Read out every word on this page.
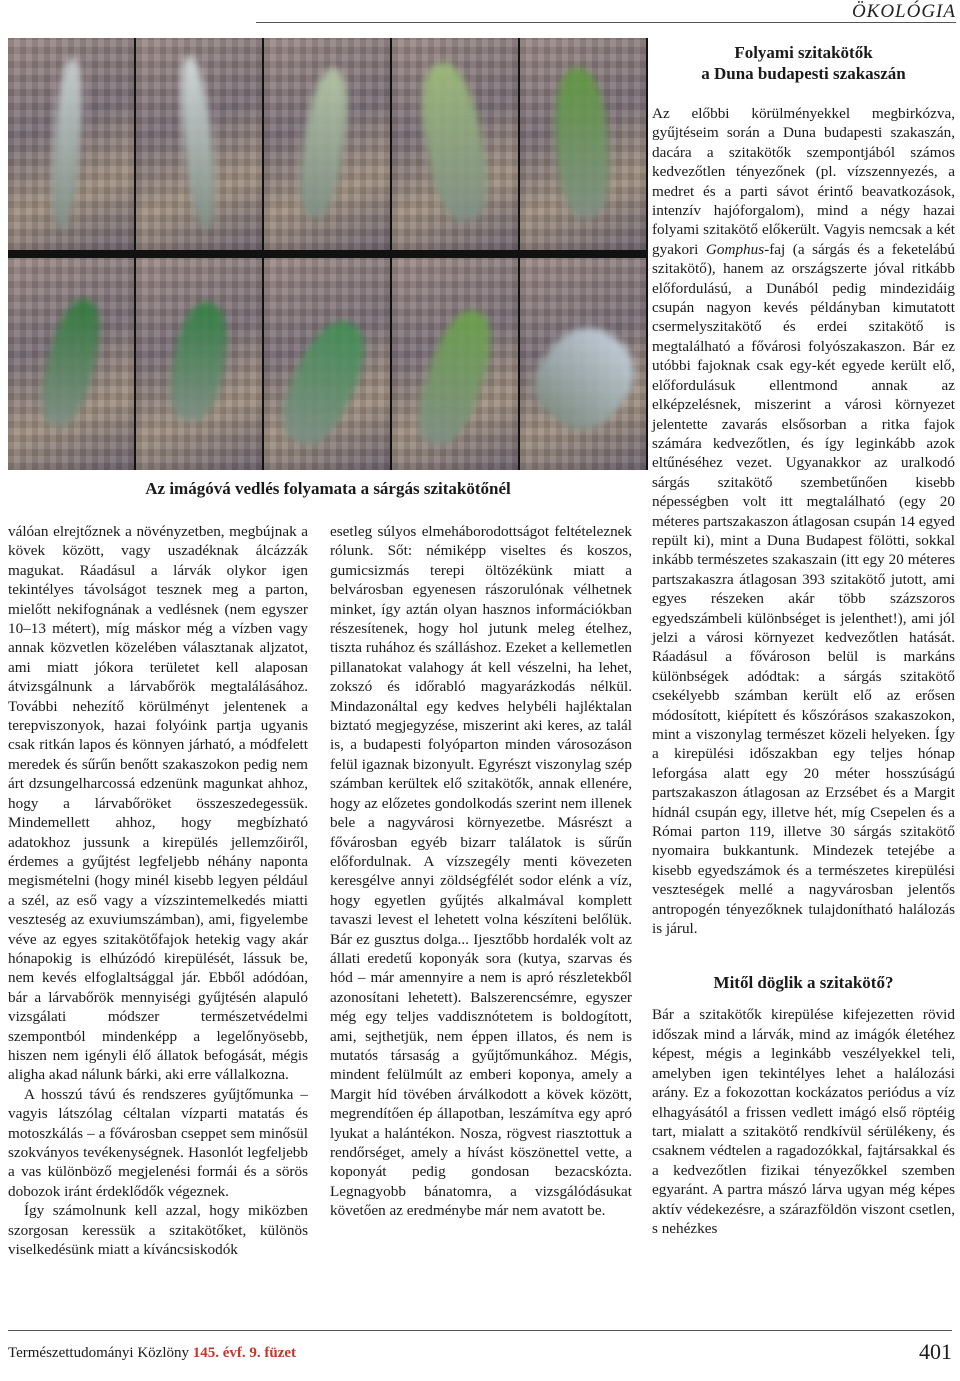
ÖKOLÓGIA
Az imágóvá vedlés folyamata a sárgás szitakötőnél
Folyami szitakötők
a Duna budapesti szakaszán

válóan elrejtőznek a növényzetben, megbújnak a kövek között, vagy uszadéknak álcázzák magukat. Ráadásul a lárvák olykor igen tekintélyes távolságot tesznek meg a parton, mielőtt nekifognának a vedlésnek (nem egyszer 10–13 métert), míg máskor még a vízben vagy annak közvetlen közelében választanak aljzatot, ami miatt jókora területet kell alaposan átvizsgálnunk a lárvabőrök megtalálásához. További nehezítő körülményt jelentenek a terepviszonyok, hazai folyóink partja ugyanis csak ritkán lapos és könnyen járható, a módfelett meredek és sűrűn benőtt szakaszokon pedig nem árt dzsungelharcossá edzenünk magunkat ahhoz, hogy a lárvabőröket összeszedegessük. Mindemellett ahhoz, hogy megbízható adatokhoz jussunk a kirepülés jellemzőiről, érdemes a gyűjtést legfeljebb néhány naponta megismételni (hogy minél kisebb legyen például a szél, az eső vagy a vízszintemelkedés miatti veszteség az exuviumszámban), ami, figyelembe véve az egyes szitakötőfajok hetekig vagy akár hónapokig is elhúzódó kirepülését, lássuk be, nem kevés elfoglaltsággal jár. Ebből adódóan, bár a lárvabőrök mennyiségi gyűjtésén alapuló vizsgálati módszer természetvédelmi szempontból mindenképp a legelőnyösebb, hiszen nem igényli élő állatok befogását, mégis aligha akad nálunk bárki, aki erre vállalkozna.

A hosszú távú és rendszeres gyűjtőmunka – vagyis látszólag céltalan vízparti matatás és motoszkálás – a fővárosban cseppet sem minősül szokványos tevékenységnek. Hasonlót legfeljebb a vas különböző megjelenési formái és a sörös dobozok iránt érdeklődők végeznek.

Így számolnunk kell azzal, hogy miközben szorgosan keressük a szitakötőket, különös viselkedésünk miatt a kíváncsiskodók

esetleg súlyos elmeháborodottságot feltételeznek rólunk. Sőt: némiképp viseltes és koszos, gumicsizmás terepi öltözékünk miatt a belvárosban egyenesen rászorulónak vélhetnek minket, így aztán olyan hasznos információkban részesítenek, hogy hol jutunk meleg ételhez, tiszta ruhához és szálláshoz. Ezeket a kellemetlen pillanatokat valahogy át kell vészelni, ha lehet, zokszó és időrabló magyarázkodás nélkül. Mindazonáltal egy kedves helybéli hajléktalan biztató megjegyzése, miszerint aki keres, az talál is, a budapesti folyóparton minden városozáson felül igaznak bizonyult. Egyrészt viszonylag szép számban kerültek elő szitakötők, annak ellenére, hogy az előzetes gondolkodás szerint nem illenek bele a nagyvárosi környezetbe. Másrészt a fővárosban egyéb bizarr találatok is sűrűn előfordulnak. A vízszegély menti kövezeten keresgélve annyi zöldségfélét sodor elénk a víz, hogy egyetlen gyűjtés alkalmával komplett tavaszi levest el lehetett volna készíteni belőlük. Bár ez gusztus dolga... Ijesztőbb hordalék volt az állati eredetű koponyák sora (kutya, szarvas és hód – már amennyire a nem is apró részletekből azonosítani lehetett). Balszerencsémre, egyszer még egy teljes vaddisznótetem is boldogított, ami, sejthetjük, nem éppen illatos, és nem is mutatós társaság a gyűjtőmunkához. Mégis, mindent felülmúlt az emberi koponya, amely a Margit híd tövében árválkodott a kövek között, megrendítően ép állapotban, leszámítva egy apró lyukat a halántékon. Noszа, rögvest riasztottuk a rendőrséget, amely a hívást köszönettel vette, a koponyát pedig gondosan bezacskózta. Legnagyobb bánatomra, a vizsgálódásukat követően az eredménybe már nem avatott be.

Az előbbi körülményekkel megbirkózva, gyűjtéseim során a Duna budapesti szakaszán, dacára a szitakötők szempontjából számos kedvezőtlen tényezőnek (pl. vízszennyezés, a medret és a parti sávot érintő beavatkozások, intenzív hajóforgalom), mind a négy hazai folyami szitakötő előkerült. Vagyis nemcsak a két gyakori Gomphus-faj (a sárgás és a feketelábú szitakötő), hanem az országszerte jóval ritkább előfordulású, a Dunából pedig mindezidáig csupán nagyon kevés példányban kimutatott csermelyszitakötő és erdei szitakötő is megtalálható a fővárosi folyószakaszon. Bár ez utóbbi fajoknak csak egy-két egyede került elő, előfordulásuk ellentmond annak az elképzelésnek, miszerint a városi környezet jelentette zavarás elsősorban a ritka fajok számára kedvezőtlen, és így leginkább azok eltűnéséhez vezet. Ugyanakkor az uralkodó sárgás szitakötő szembetűnően kisebb népességben volt itt megtalálható (egy 20 méteres partszakaszon átlagosan csupán 14 egyed repült ki), mint a Duna Budapest fölötti, sokkal inkább természetes szakaszain (itt egy 20 méteres partszakaszra átlagosan 393 szitakötő jutott, ami egyes részeken akár több százszoros egyedszámbeli különbséget is jelenthet!), ami jól jelzi a városi környezet kedvezőtlen hatását. Ráadásul a fővároson belül is markáns különbségek adódtak: a sárgás szitakötő csekélyebb számban került elő az erősen módosított, kiépített és kőszórásos szakaszokon, mint a viszonylag természet közeli helyeken. Így a kirepülési időszakban egy teljes hónap leforgása alatt egy 20 méter hosszúságú partszakaszon átlagosan az Erzsébet és a Margit hídnál csupán egy, illetve hét, míg Csepelen és a Római parton 119, illetve 30 sárgás szitakötő nyomaira bukkantunk. Mindezek tetejébe a kisebb egyedszámok és a természetes kirepülési veszteségek mellé a nagyvárosban jelentős antropogén tényezőknek tulajdonítható halálozás is járul.

Mitől döglik a szitakötő?

Bár a szitakötők kirepülése kifejezetten rövid időszak mind a lárvák, mind az imágók életéhez képest, mégis a leginkább veszélyekkel teli, amelyben igen tekintélyes lehet a halálozási arány. Ez a fokozottan kockázatos periódus a víz elhagyásától a frissen vedlett imágó első röptéig tart, mialatt a szitakötő rendkívül sérülékeny, és csaknem védtelen a ragadozókkal, fajtársakkal és a kedvezőtlen fizikai tényezőkkel szemben egyaránt. A partra mászó lárva ugyan még képes aktív védekezésre, a szárazföldön viszont csetlen, s nehézkes

Természettudományi Közlöny 145. évf. 9. füzet	401
